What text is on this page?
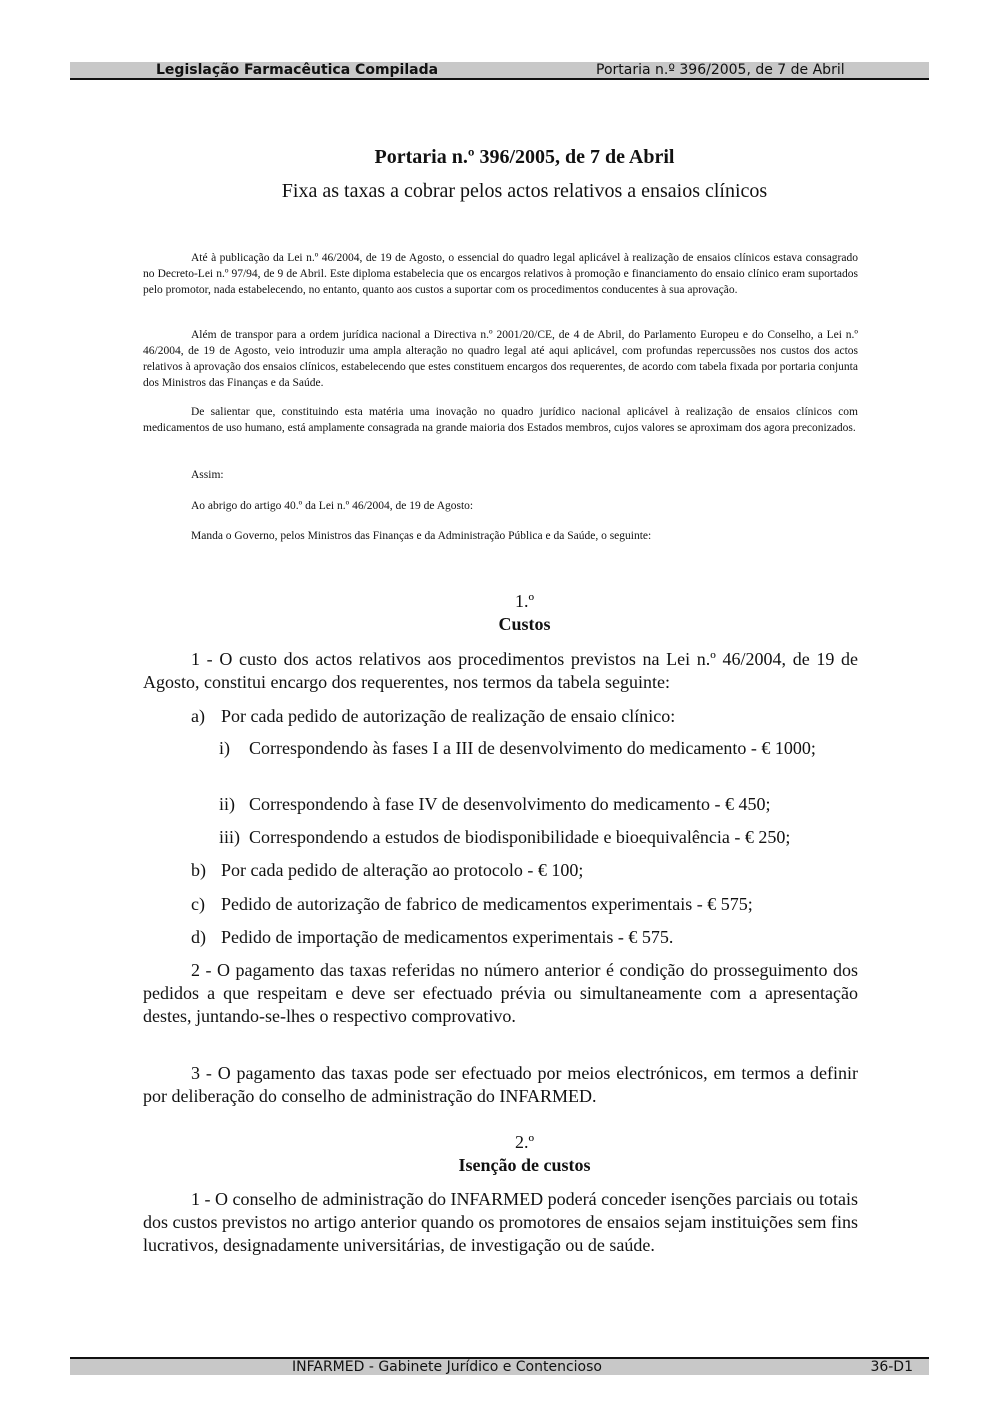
Legislação Farmacêutica Compilada	Portaria n.º 396/2005, de 7 de Abril
Portaria n.º 396/2005, de 7 de Abril
Fixa as taxas a cobrar pelos actos relativos a ensaios clínicos

Até à publicação da Lei n.º 46/2004, de 19 de Agosto, o essencial do quadro legal aplicável à realização de ensaios clínicos estava consagrado no Decreto-Lei n.º 97/94, de 9 de Abril. Este diploma estabelecia que os encargos relativos à promoção e financiamento do ensaio clínico eram suportados pelo promotor, nada estabelecendo, no entanto, quanto aos custos a suportar com os procedimentos conducentes à sua aprovação.

Além de transpor para a ordem jurídica nacional a Directiva n.º 2001/20/CE, de 4 de Abril, do Parlamento Europeu e do Conselho, a Lei n.º 46/2004, de 19 de Agosto, veio introduzir uma ampla alteração no quadro legal até aqui aplicável, com profundas repercussões nos custos dos actos relativos à aprovação dos ensaios clínicos, estabelecendo que estes constituem encargos dos requerentes, de acordo com tabela fixada por portaria conjunta dos Ministros das Finanças e da Saúde.

De salientar que, constituindo esta matéria uma inovação no quadro jurídico nacional aplicável à realização de ensaios clínicos com medicamentos de uso humano, está amplamente consagrada na grande maioria dos Estados membros, cujos valores se aproximam dos agora preconizados.

Assim:

Ao abrigo do artigo 40.º da Lei n.º 46/2004, de 19 de Agosto:

Manda o Governo, pelos Ministros das Finanças e da Administração Pública e da Saúde, o seguinte:

1.º
Custos

1 - O custo dos actos relativos aos procedimentos previstos na Lei n.º 46/2004, de 19 de Agosto, constitui encargo dos requerentes, nos termos da tabela seguinte:

a) Por cada pedido de autorização de realização de ensaio clínico:
i)	Correspondendo às fases I a III de desenvolvimento do medicamento - € 1000;
ii) Correspondendo à fase IV de desenvolvimento do medicamento - € 450;
iii) Correspondendo a estudos de biodisponibilidade e bioequivalência - € 250;
b) Por cada pedido de alteração ao protocolo - € 100;
c) Pedido de autorização de fabrico de medicamentos experimentais - € 575;
d) Pedido de importação de medicamentos experimentais - € 575.

2 - O pagamento das taxas referidas no número anterior é condição do prosseguimento dos pedidos a que respeitam e deve ser efectuado prévia ou simultaneamente com a apresentação destes, juntando-se-lhes o respectivo comprovativo.

3 - O pagamento das taxas pode ser efectuado por meios electrónicos, em termos a definir por deliberação do conselho de administração do INFARMED.

2.º
Isenção de custos

1 - O conselho de administração do INFARMED poderá conceder isenções parciais ou totais dos custos previstos no artigo anterior quando os promotores de ensaios sejam instituições sem fins lucrativos, designadamente universitárias, de investigação ou de saúde.

INFARMED - Gabinete Jurídico e Contencioso	36-D1
